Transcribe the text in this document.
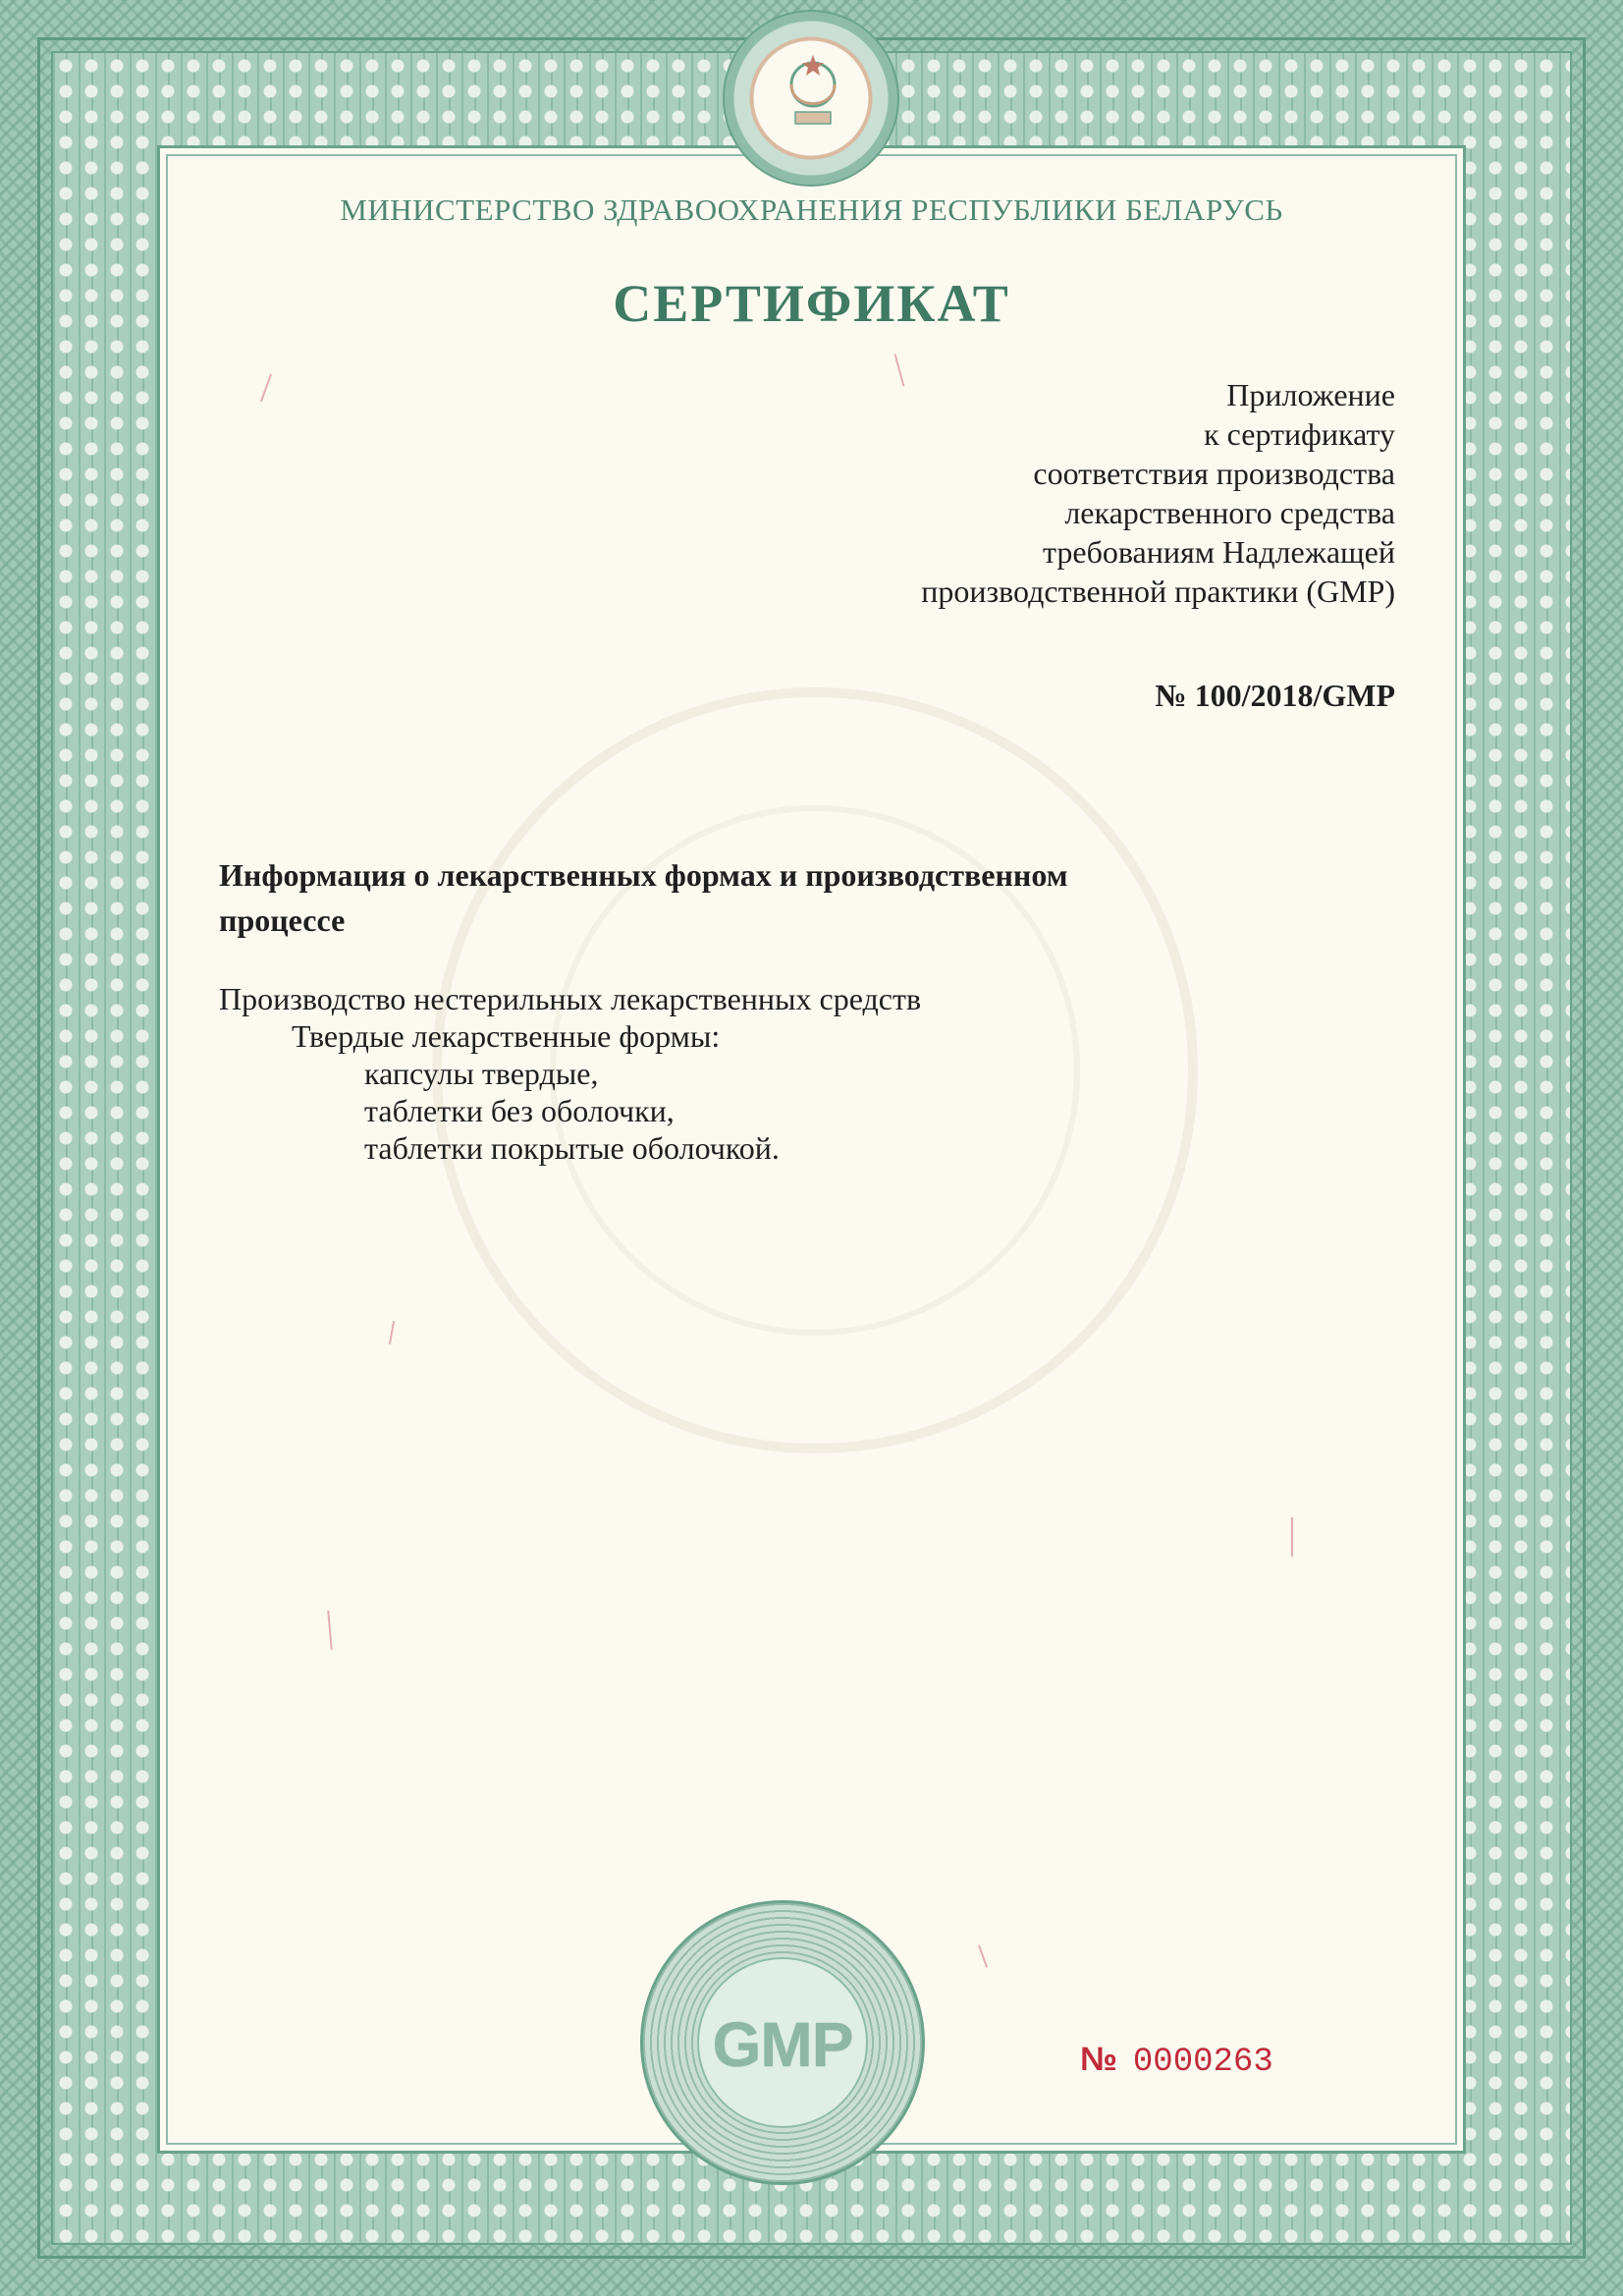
МИНИСТЕРСТВО ЗДРАВООХРАНЕНИЯ РЕСПУБЛИКИ БЕЛАРУСЬ
СЕРТИФИКАТ
Приложение
к сертификату
соответствия производства
лекарственного средства
требованиям Надлежащей
производственной практики (GMP)
№ 100/2018/GMP
Информация о лекарственных формах и производственном
процессе
Производство нестерильных лекарственных средств
Твердые лекарственные формы:
капсулы твердые,
таблетки без оболочки,
таблетки покрытые оболочкой.
GMP	№ 0000263
